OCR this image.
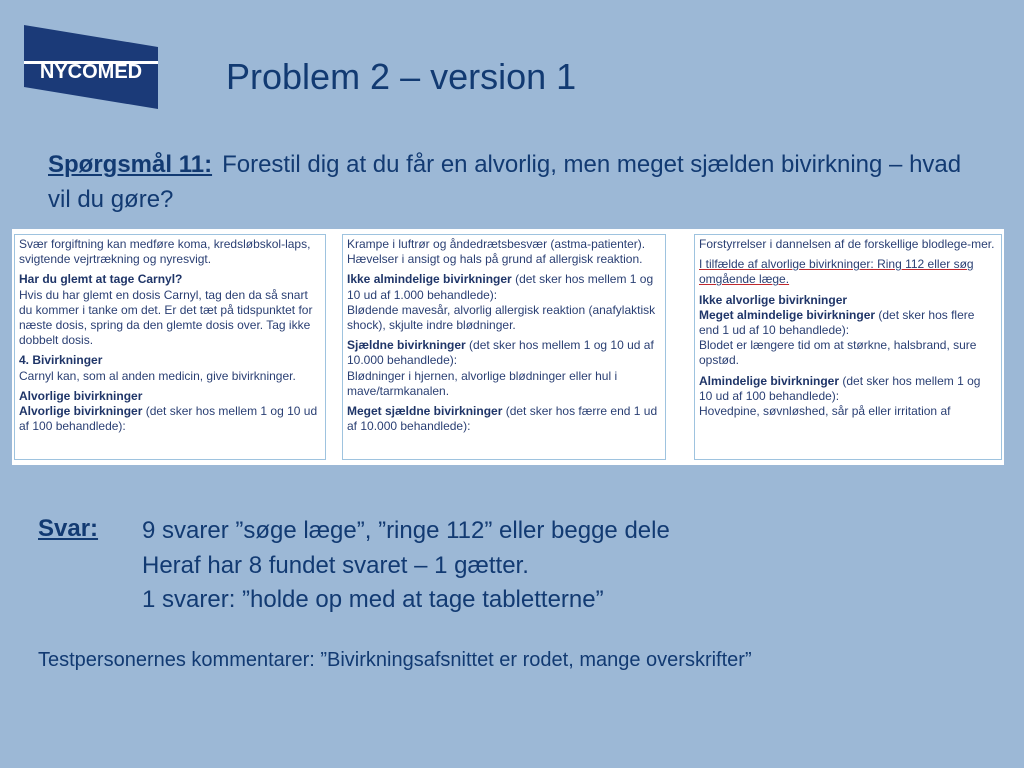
NYCOMED Problem 2 – version 1
Spørgsmål 11: Forestil dig at du får en alvorlig, men meget sjælden bivirkning – hvad vil du gøre?

Svær forgiftning kan medføre koma, kredsløbskol-laps, svigtende vejrtrækning og nyresvigt.

Har du glemt at tage Carnyl?
Hvis du har glemt en dosis Carnyl, tag den da så snart du kommer i tanke om det. Er det tæt på tidspunktet for næste dosis, spring da den glemte dosis over. Tag ikke dobbelt dosis.

4. Bivirkninger
Carnyl kan, som al anden medicin, give bivirkninger.

Alvorlige bivirkninger
Alvorlige bivirkninger (det sker hos mellem 1 og 10 ud af 100 behandlede):

Krampe i luftrør og åndedrætsbesvær (astma-patienter). Hævelser i ansigt og hals på grund af allergisk reaktion.

Ikke almindelige bivirkninger (det sker hos mellem 1 og 10 ud af 1.000 behandlede):
Blødende mavesår, alvorlig allergisk reaktion (anafylaktisk shock), skjulte indre blødninger.

Sjældne bivirkninger (det sker hos mellem 1 og 10 ud af 10.000 behandlede):
Blødninger i hjernen, alvorlige blødninger eller hul i mave/tarmkanalen.

Meget sjældne bivirkninger (det sker hos færre end 1 ud af 10.000 behandlede):

Forstyrrelser i dannelsen af de forskellige blodlege-mer.

I tilfælde af alvorlige bivirkninger: Ring 112 eller søg omgående læge.

Ikke alvorlige bivirkninger
Meget almindelige bivirkninger (det sker hos flere end 1 ud af 10 behandlede):
Blodet er længere tid om at størkne, halsbrand, sure opstød.

Almindelige bivirkninger (det sker hos mellem 1 og 10 ud af 100 behandlede):
Hovedpine, søvnløshed, sår på eller irritation af

Svar: 9 svarer ”søge læge”, ”ringe 112” eller begge dele
Heraf har 8 fundet svaret – 1 gætter.
1 svarer: ”holde op med at tage tabletterne”
Testpersonernes kommentarer: ”Bivirkningsafsnittet er rodet, mange overskrifter”
